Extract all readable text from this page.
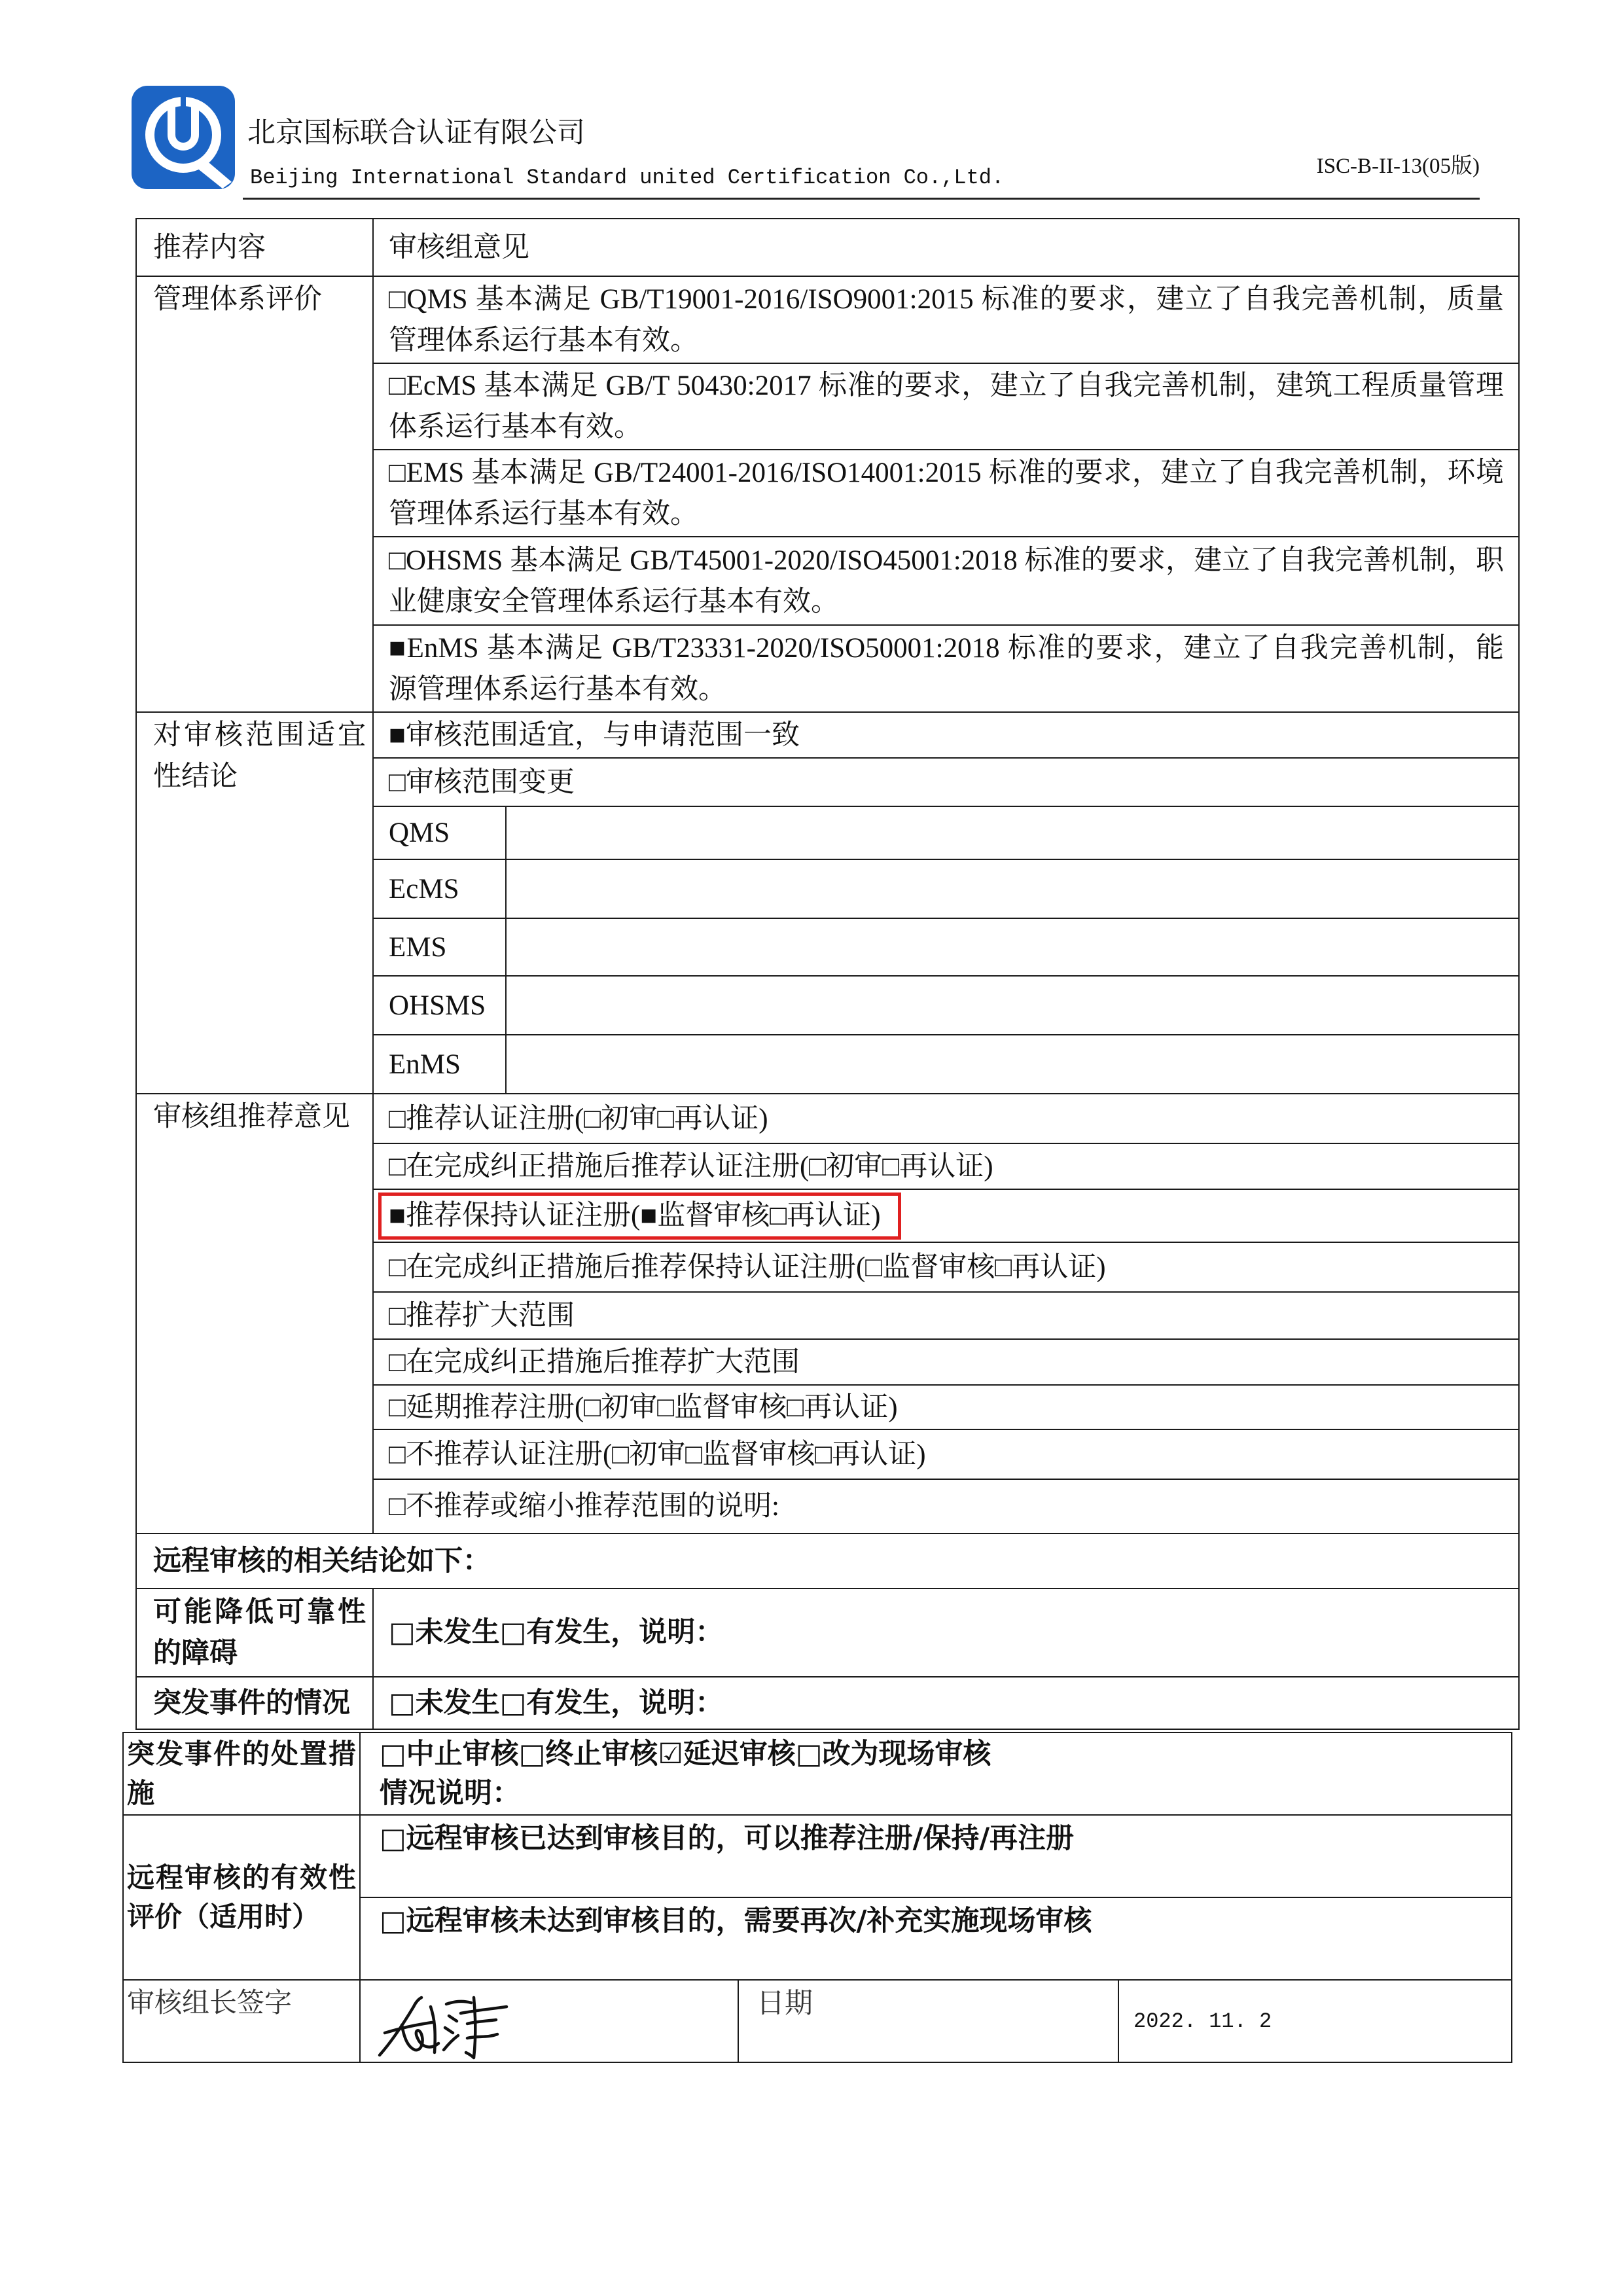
北京国标联合认证有限公司
Beijing International Standard united Certification Co.,Ltd.	ISC-B-II-13(05版)
推荐内容	审核组意见	
管理体系评价	□QMS 基本满足 GB/T19001-2016/ISO9001:2015 标准的要求，建立了自我完善机制，质量管理体系运行基本有效。	
	□EcMS 基本满足 GB/T 50430:2017 标准的要求，建立了自我完善机制，建筑工程质量管理体系运行基本有效。	
	□EMS 基本满足 GB/T24001-2016/ISO14001:2015 标准的要求，建立了自我完善机制，环境管理体系运行基本有效。	
	□OHSMS 基本满足 GB/T45001-2020/ISO45001:2018 标准的要求，建立了自我完善机制，职业健康安全管理体系运行基本有效。	
	■EnMS 基本满足 GB/T23331-2020/ISO50001:2018 标准的要求，建立了自我完善机制，能源管理体系运行基本有效。	
对审核范围适宜性结论	■审核范围适宜，与申请范围一致	
	□审核范围变更	
	QMS	
	EcMS	
	EMS	
	OHSMS	
	EnMS	
审核组推荐意见	□推荐认证注册(□初审□再认证)	
	□在完成纠正措施后推荐认证注册(□初审□再认证)	

	■推荐保持认证注册(■监督审核□再认证)	

	□在完成纠正措施后推荐保持认证注册(□监督审核□再认证)	
	□推荐扩大范围	
	□在完成纠正措施后推荐扩大范围	
	□延期推荐注册(□初审□监督审核□再认证)	
	□不推荐认证注册(□初审□监督审核□再认证)	
	□不推荐或缩小推荐范围的说明:	
远程审核的相关结论如下：		
可能降低可靠性的障碍	□未发生□有发生，说明：	
突发事件的情况	□未发生□有发生，说明：	
突发事件的处置措施	□中止审核□终止审核☑延迟审核□改为现场审核
情况说明：		

远程审核的有效性评价（适用时）	□远程审核已达到审核目的，可以推荐注册/保持/再注册		
	□远程审核未达到审核目的，需要再次/补充实施现场审核		
审核组长签字		日期	2022. 11. 2
